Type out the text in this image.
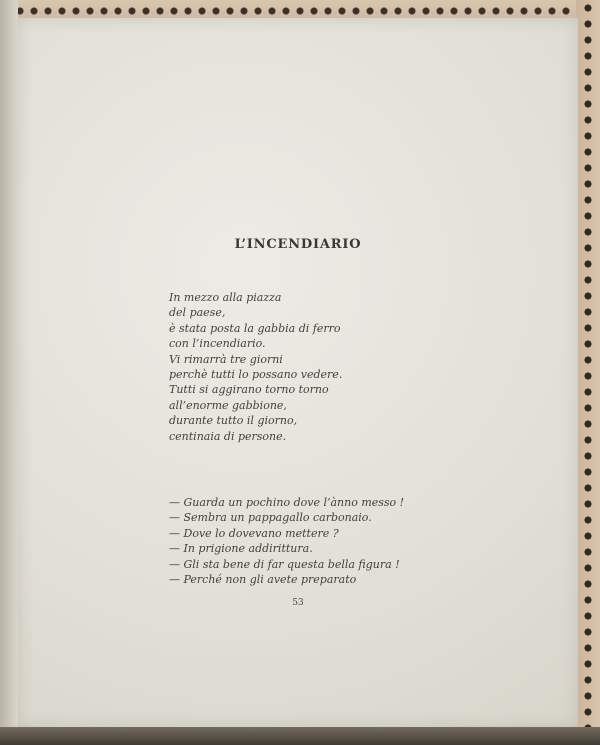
L’INCENDIARIO
In mezzo alla piazza
del paese,
è stata posta la gabbia di ferro
con l’incendiario.
Vi rimarrà tre giorni
perchè tutti lo possano vedere.
Tutti si aggirano torno torno
all’enorme gabbione,
durante tutto il giorno,
centinaia di persone.
— Guarda un pochino dove l’ànno messo !
— Sembra un pappagallo carbonaio.
— Dove lo dovevano mettere ?
— In prigione addirittura.
— Gli sta bene di far questa bella figura !
— Perché non gli avete preparato
53
